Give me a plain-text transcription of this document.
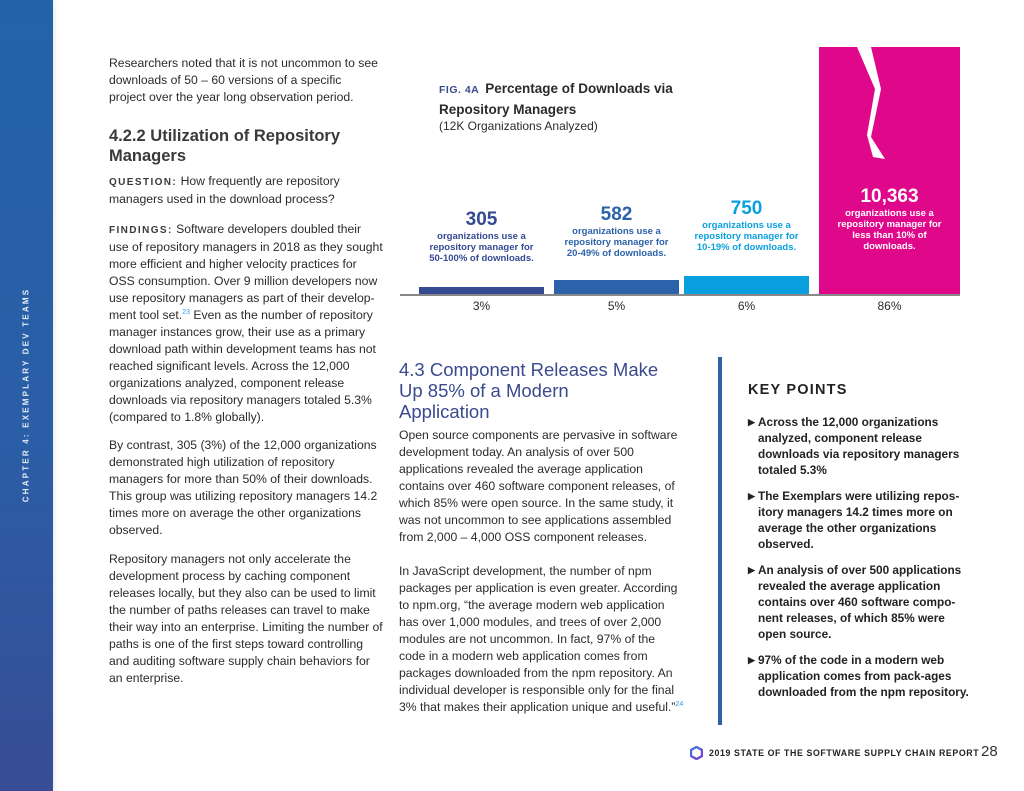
CHAPTER 4: EXEMPLARY DEV TEAMS
Researchers noted that it is not uncommon to see downloads of 50 – 60 versions of a specific project over the year long observation period.
4.2.2 Utilization of Repository Managers
QUESTION: How frequently are repository managers used in the download process?
FINDINGS: Software developers doubled their use of repository managers in 2018 as they sought more efficient and higher velocity practices for OSS consumption. Over 9 million developers now use repository managers as part of their develop-ment tool set.$^{23}$ Even as the number of repository manager instances grow, their use as a primary download path within development teams has not reached significant levels. Across the 12,000 organizations analyzed, component release downloads via repository managers totaled 5.3% (compared to 1.8% globally).
By contrast, 305 (3%) of the 12,000 organizations demonstrated high utilization of repository managers for more than 50% of their downloads. This group was utilizing repository managers 14.2 times more on average the other organizations observed.
Repository managers not only accelerate the development process by caching component releases locally, but they also can be used to limit the number of paths releases can travel to make their way into an enterprise. Limiting the number of paths is one of the first steps toward controlling and auditing software supply chain behaviors for an enterprise.
FIG. 4A Percentage of Downloads via Repository Managers
(12K Organizations Analyzed)
305
organizations use a repository manager for 50-100% of downloads.
582
organizations use a repository manager for 20-49% of downloads.
750
organizations use a repository manager for 10-19% of downloads.
10,363
organizations use a repository manager for less than 10% of downloads.
3%	5%	6%	86%
4.3 Component Releases Make Up 85% of a Modern Application
Open source components are pervasive in software development today. An analysis of over 500 applications revealed the average application contains over 460 software component releases, of which 85% were open source. In the same study, it was not uncommon to see applications assembled from 2,000 – 4,000 OSS component releases.
In JavaScript development, the number of npm packages per application is even greater. According to npm.org, “the average modern web application has over 1,000 modules, and trees of over 2,000 modules are not uncommon. In fact, 97% of the code in a modern web application comes from packages downloaded from the npm repository. An individual developer is responsible only for the final 3% that makes their application unique and useful.”$^{24}$
KEY POINTS
▶ Across the 12,000 organizations analyzed, component release downloads via repository managers totaled 5.3%
▶ The Exemplars were utilizing repos-itory managers 14.2 times more on average the other organizations observed.
▶ An analysis of over 500 applications revealed the average application contains over 460 software compo-nent releases, of which 85% were open source.
▶ 97% of the code in a modern web application comes from pack-ages downloaded from the npm repository.
2019 STATE OF THE SOFTWARE SUPPLY CHAIN REPORT 28
